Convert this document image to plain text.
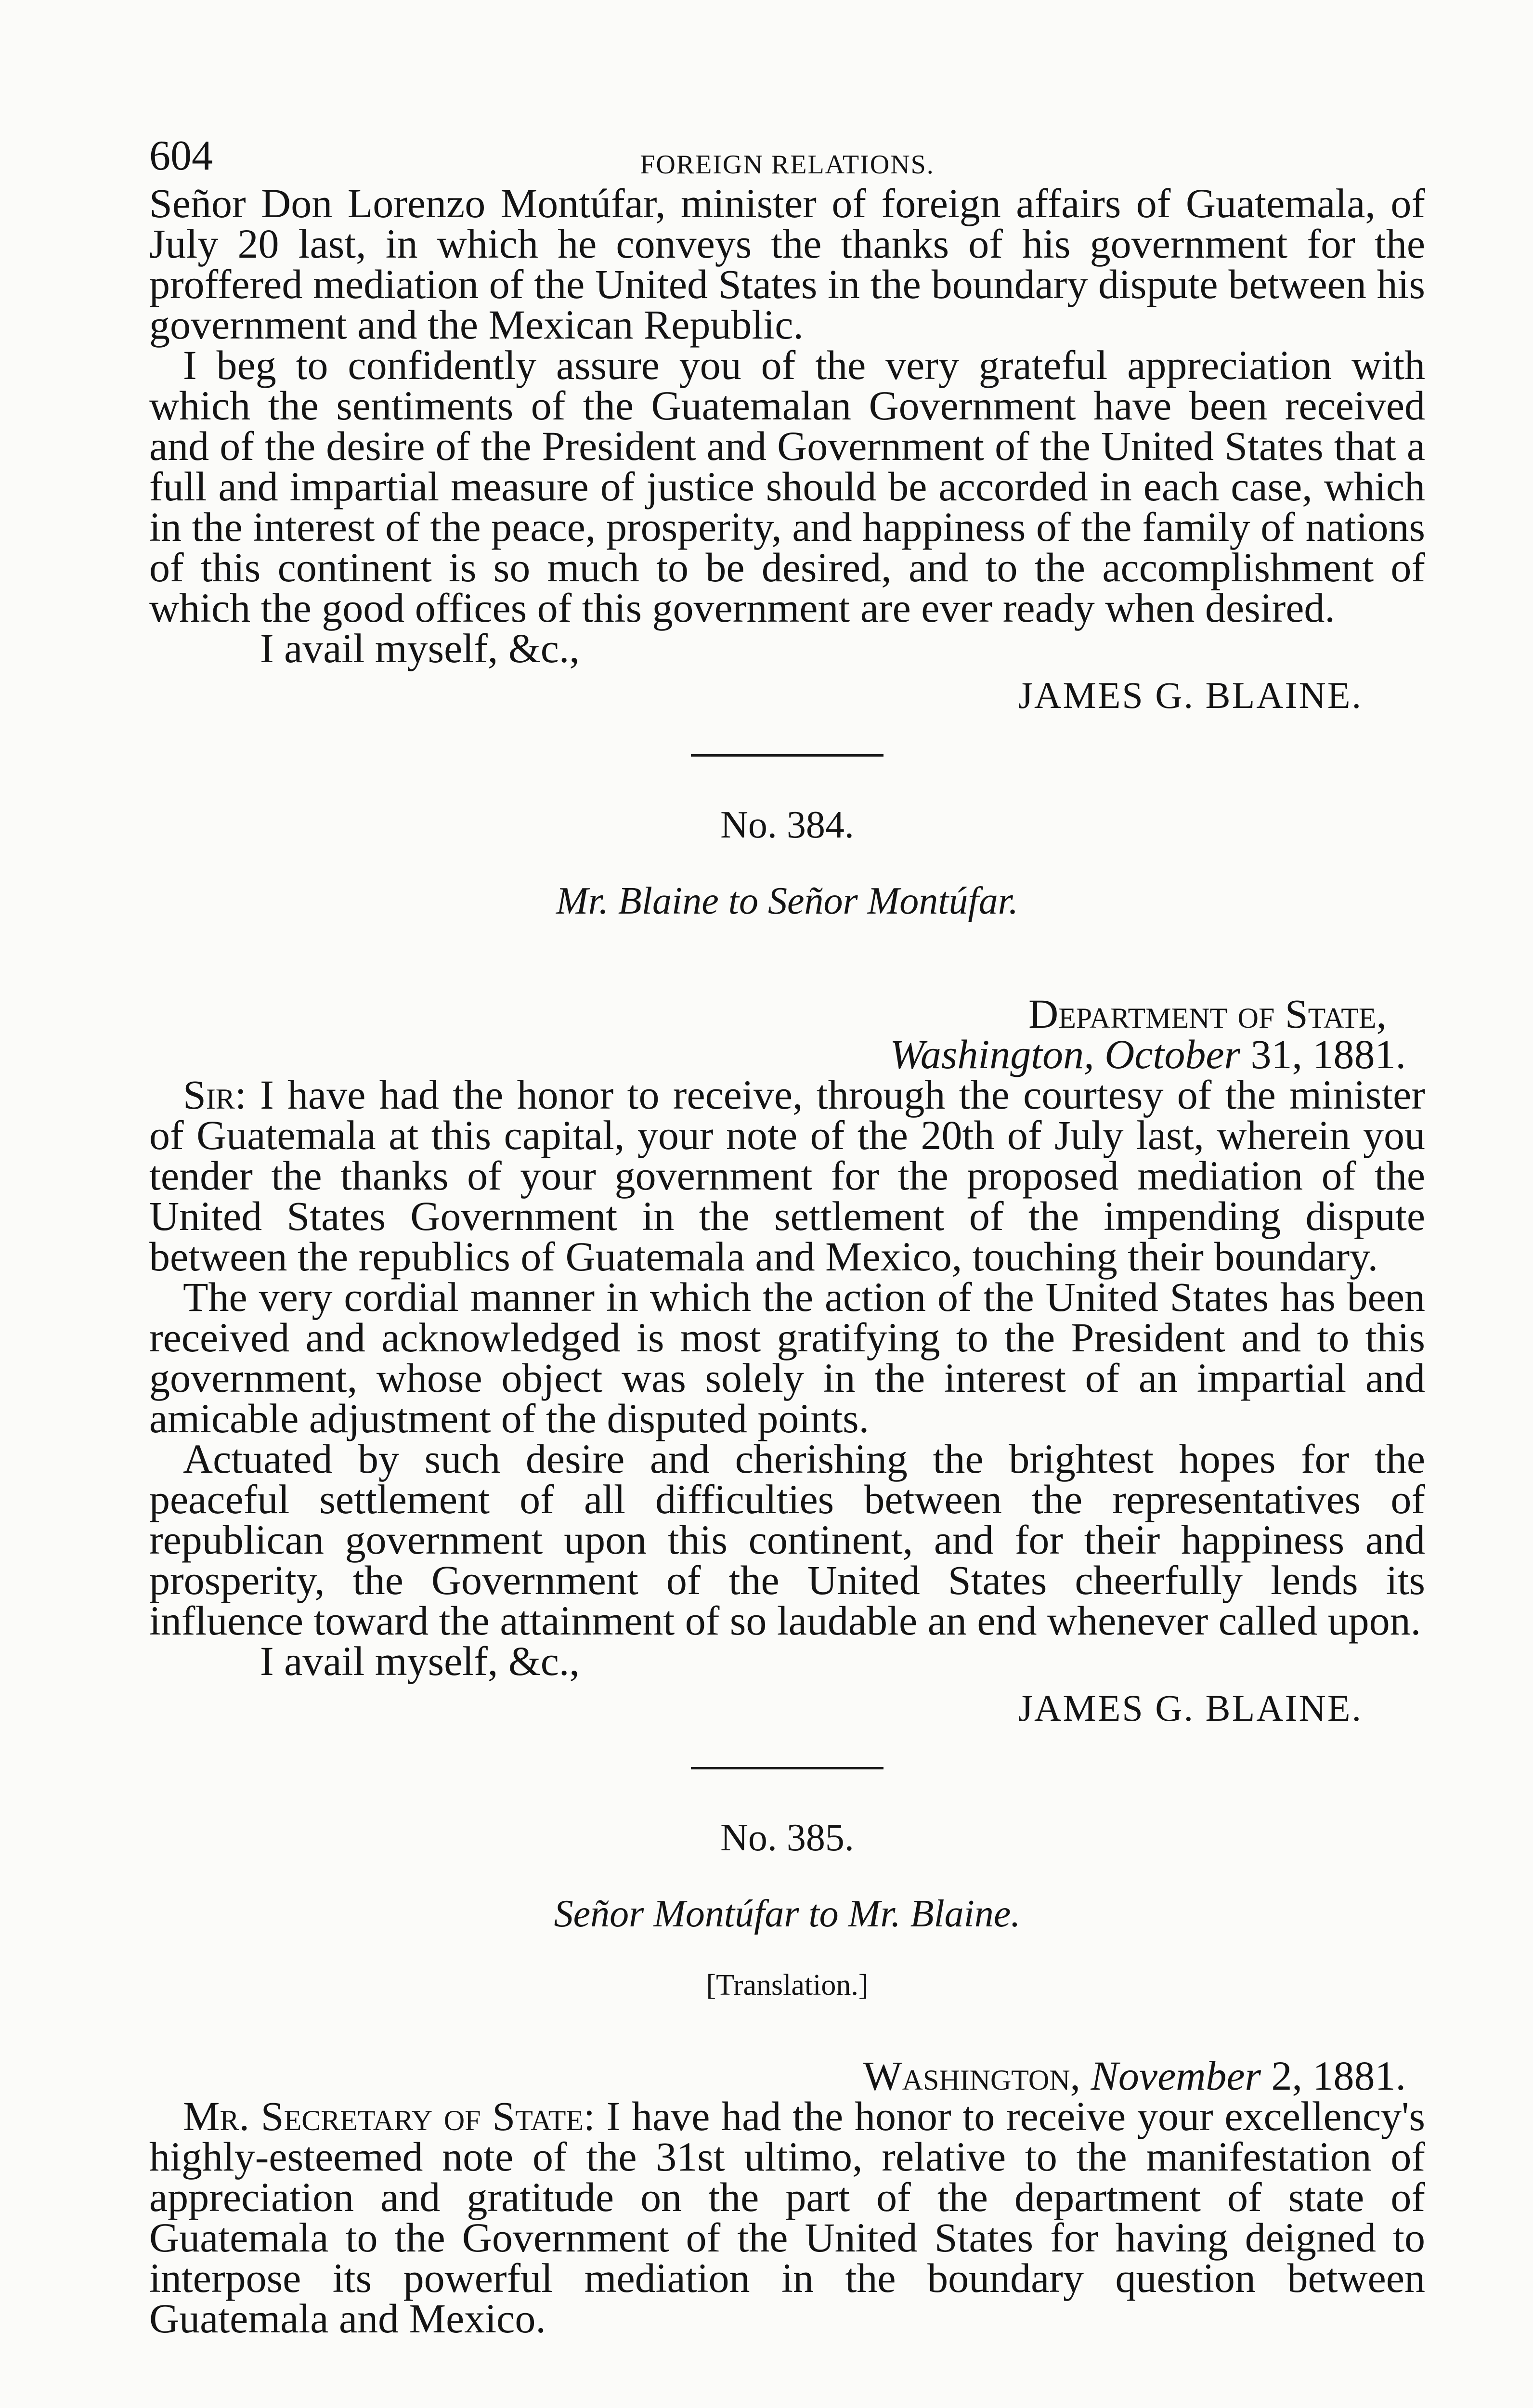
604	FOREIGN RELATIONS.

Señor Don Lorenzo Montúfar, minister of foreign affairs of Guatemala, of July 20 last, in which he conveys the thanks of his government for the proffered mediation of the United States in the boundary dispute between his government and the Mexican Republic.

I beg to confidently assure you of the very grateful appreciation with which the sentiments of the Guatemalan Government have been received and of the desire of the President and Government of the United States that a full and impartial measure of justice should be accorded in each case, which in the interest of the peace, prosperity, and happiness of the family of nations of this continent is so much to be desired, and to the accomplishment of which the good offices of this government are ever ready when desired.

I avail myself, &c.,
JAMES G. BLAINE.
No. 384.
Mr. Blaine to Señor Montúfar.
Department of State,
Washington, October 31, 1881.

Sir: I have had the honor to receive, through the courtesy of the minister of Guatemala at this capital, your note of the 20th of July last, wherein you tender the thanks of your government for the proposed mediation of the United States Government in the settlement of the impending dispute between the republics of Guatemala and Mexico, touching their boundary.

The very cordial manner in which the action of the United States has been received and acknowledged is most gratifying to the President and to this government, whose object was solely in the interest of an impartial and amicable adjustment of the disputed points.

Actuated by such desire and cherishing the brightest hopes for the peaceful settlement of all difficulties between the representatives of republican government upon this continent, and for their happiness and prosperity, the Government of the United States cheerfully lends its influence toward the attainment of so laudable an end whenever called upon.

I avail myself, &c.,
JAMES G. BLAINE.
No. 385.
Señor Montúfar to Mr. Blaine.
[Translation.]
Washington, November 2, 1881.

Mr. Secretary of State: I have had the honor to receive your excellency's highly-esteemed note of the 31st ultimo, relative to the manifestation of appreciation and gratitude on the part of the department of state of Guatemala to the Government of the United States for having deigned to interpose its powerful mediation in the boundary question between Guatemala and Mexico.
